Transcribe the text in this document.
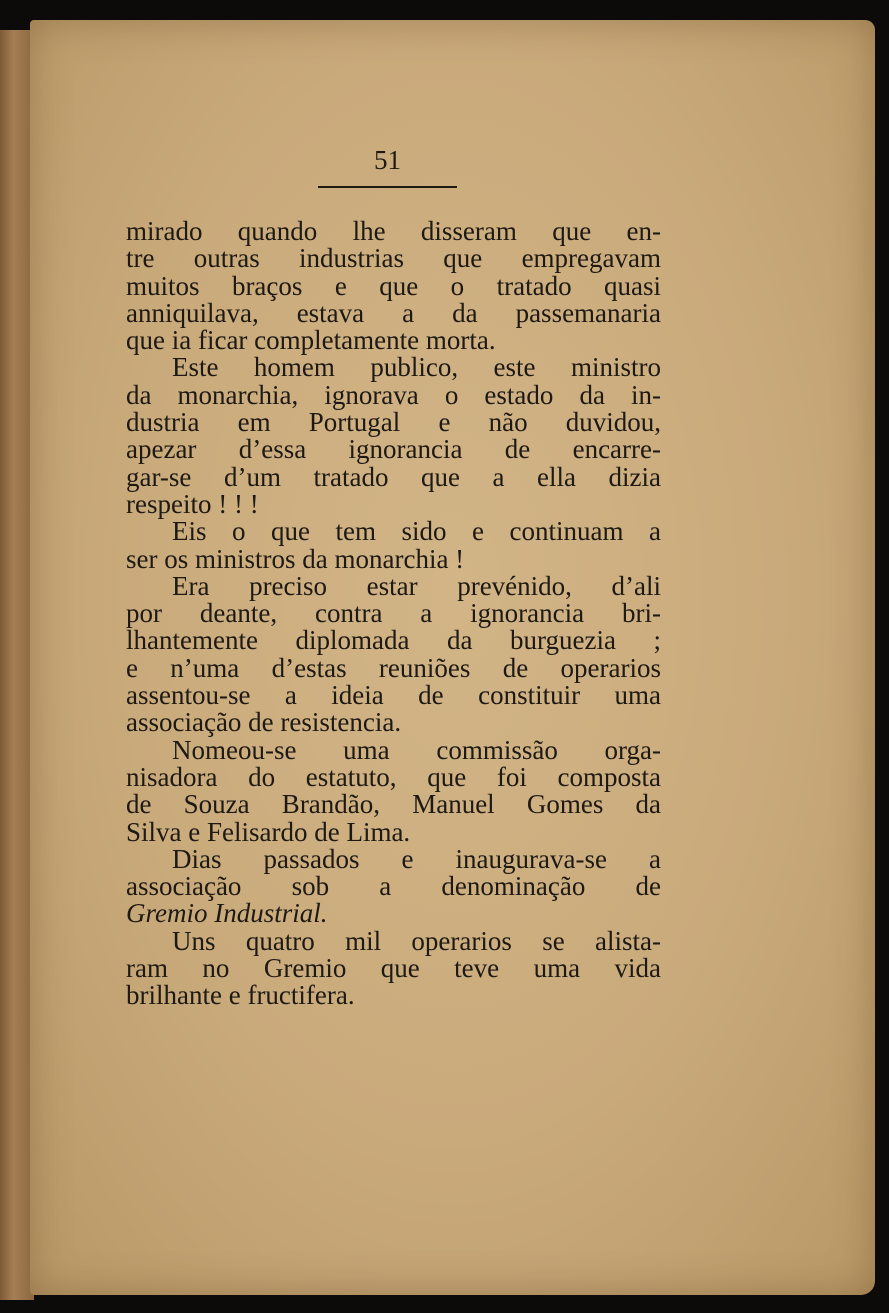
51
mirado quando lhe disseram que en-
tre outras industrias que empregavam
muitos braços e que o tratado quasi
anniquilava, estava a da passemanaria
que ia ficar completamente morta.
Este homem publico, este ministro
da monarchia, ignorava o estado da in-
dustria em Portugal e não duvidou,
apezar d’essa ignorancia de encarre-
gar-se d’um tratado que a ella dizia
respeito ! ! !
Eis o que tem sido e continuam a
ser os ministros da monarchia !
Era preciso estar prevénido, d’ali
por deante, contra a ignorancia bri-
lhantemente diplomada da burguezia ;
e n’uma d’estas reuniões de operarios
assentou-se a ideia de constituir uma
associação de resistencia.
Nomeou-se uma commissão orga-
nisadora do estatuto, que foi composta
de Souza Brandão, Manuel Gomes da
Silva e Felisardo de Lima.
Dias passados e inaugurava-se a
associação sob a denominação de
Gremio Industrial.
Uns quatro mil operarios se alista-
ram no Gremio que teve uma vida
brilhante e fructifera.
